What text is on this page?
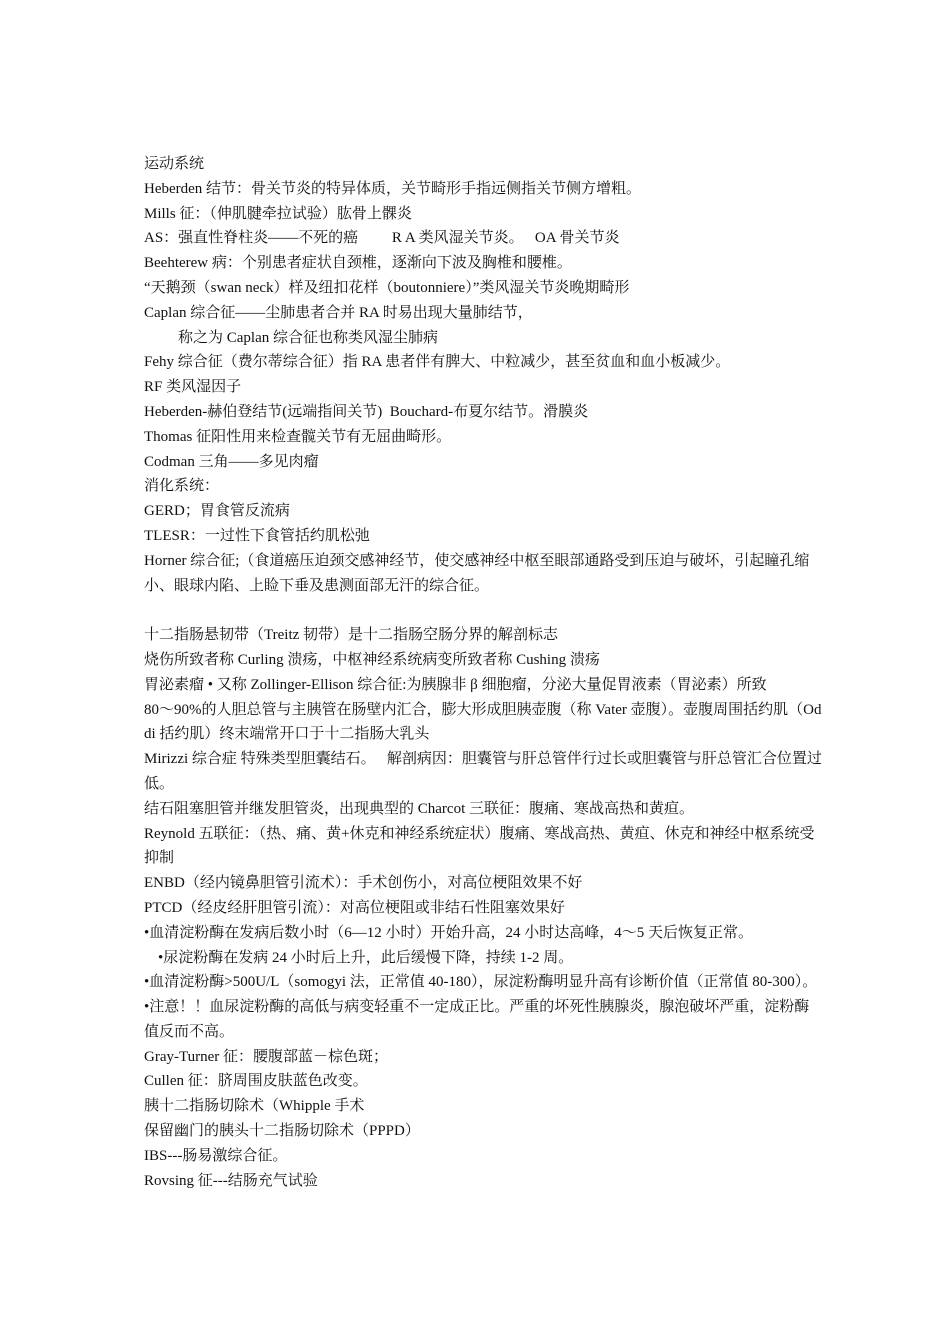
运动系统

Heberden 结节：骨关节炎的特异体质，关节畸形手指远侧指关节侧方增粗。

Mills 征：（伸肌腱牵拉试验）肱骨上髁炎

AS：强直性脊柱炎——不死的癌　　 R A 类风湿关节炎。　 OA 骨关节炎

Beehterew 病：个别患者症状自颈椎，逐渐向下波及胸椎和腰椎。

“天鹅颈（swan neck）样及纽扣花样（boutonniere）”类风湿关节炎晚期畸形

Caplan 综合征——尘肺患者合并 RA 时易出现大量肺结节，

称之为 Caplan 综合征也称类风湿尘肺病

Fehy 综合征（费尔蒂综合征）指 RA 患者伴有脾大、中粒减少，甚至贫血和血小板减少。

RF 类风湿因子

Heberden-赫伯登结节(远端指间关节)  Bouchard-布夏尔结节。滑膜炎

Thomas 征阳性用来检查髋关节有无屈曲畸形。

Codman 三角——多见肉瘤

消化系统：

GERD；胃食管反流病

TLESR：一过性下食管括约肌松弛

Horner 综合征;（食道癌压迫颈交感神经节，使交感神经中枢至眼部通路受到压迫与破坏，引起瞳孔缩小、眼球内陷、上睑下垂及患测面部无汗的综合征。

十二指肠悬韧带（Treitz 韧带）是十二指肠空肠分界的解剖标志

烧伤所致者称 Curling 溃疡，中枢神经系统病变所致者称 Cushing 溃疡

胃泌素瘤 • 又称 Zollinger-Ellison 综合征:为胰腺非 β 细胞瘤，分泌大量促胃液素（胃泌素）所致

80～90%的人胆总管与主胰管在肠壁内汇合，膨大形成胆胰壶腹（称 Vater 壶腹）。壶腹周围括约肌（Oddi 括约肌）终末端常开口于十二指肠大乳头

Mirizzi 综合症 特殊类型胆囊结石。　 解剖病因：胆囊管与肝总管伴行过长或胆囊管与肝总管汇合位置过低。

结石阻塞胆管并继发胆管炎，出现典型的 Charcot 三联征：腹痛、寒战高热和黄疸。

Reynold 五联征：（热、痛、黄+休克和神经系统症状）腹痛、寒战高热、黄疸、休克和神经中枢系统受抑制

ENBD（经内镜鼻胆管引流术）：手术创伤小，对高位梗阻效果不好

PTCD（经皮经肝胆管引流）：对高位梗阻或非结石性阻塞效果好

•血清淀粉酶在发病后数小时（6—12 小时）开始升高，24 小时达高峰，4～5 天后恢复正常。

•尿淀粉酶在发病 24 小时后上升，此后缓慢下降，持续 1-2 周。

•血清淀粉酶>500U/L（somogyi 法，正常值 40-180），尿淀粉酶明显升高有诊断价值（正常值 80-300）。　•注意！！血尿淀粉酶的高低与病变轻重不一定成正比。严重的坏死性胰腺炎，腺泡破坏严重，淀粉酶值反而不高。

Gray-Turner 征：腰腹部蓝－棕色斑；

Cullen 征：脐周围皮肤蓝色改变。

胰十二指肠切除术（Whipple 手术

保留幽门的胰头十二指肠切除术（PPPD）

IBS---肠易激综合征。

Rovsing 征---结肠充气试验
